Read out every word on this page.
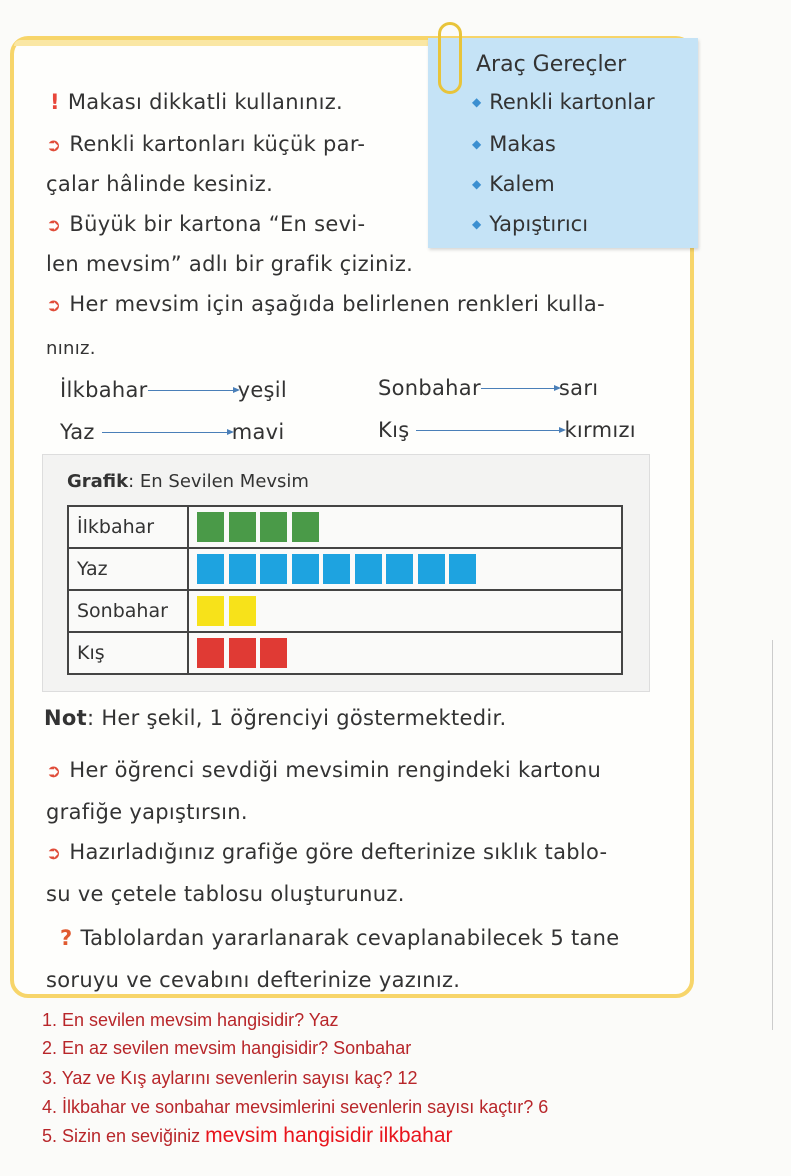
Araç Gereçler
◆ Renkli kartonlar
◆ Makas
◆ Kalem
◆ Yapıştırıcı
! Makası dikkatli kullanınız.
➲ Renkli kartonları küçük par-
çalar hâlinde kesiniz.
➲ Büyük bir kartona “En sevi-
len mevsim” adlı bir grafik çiziniz.
➲ Her mevsim için aşağıda belirlenen renkleri kulla-
nınız.
İlkbahar	yeşil
Yaz	mavi
Sonbahar	sarı
Kış	kırmızı
Grafik: En Sevilen Mevsim
İlkbahar	
Yaz	
Sonbahar	
Kış	
Not: Her şekil, 1 öğrenciyi göstermektedir.
➲ Her öğrenci sevdiği mevsimin rengindeki kartonu
grafiğe yapıştırsın.
➲ Hazırladığınız grafiğe göre defterinize sıklık tablo-
su ve çetele tablosu oluşturunuz.
? Tablolardan yararlanarak cevaplanabilecek 5 tane
soruyu ve cevabını defterinize yazınız.
1. En sevilen mevsim hangisidir? Yaz
2. En az sevilen mevsim hangisidir? Sonbahar
3. Yaz ve Kış aylarını sevenlerin sayısı kaç? 12
4. İlkbahar ve sonbahar mevsimlerini sevenlerin sayısı kaçtır? 6
5. Sizin en seviğiniz mevsim hangisidir ilkbahar
